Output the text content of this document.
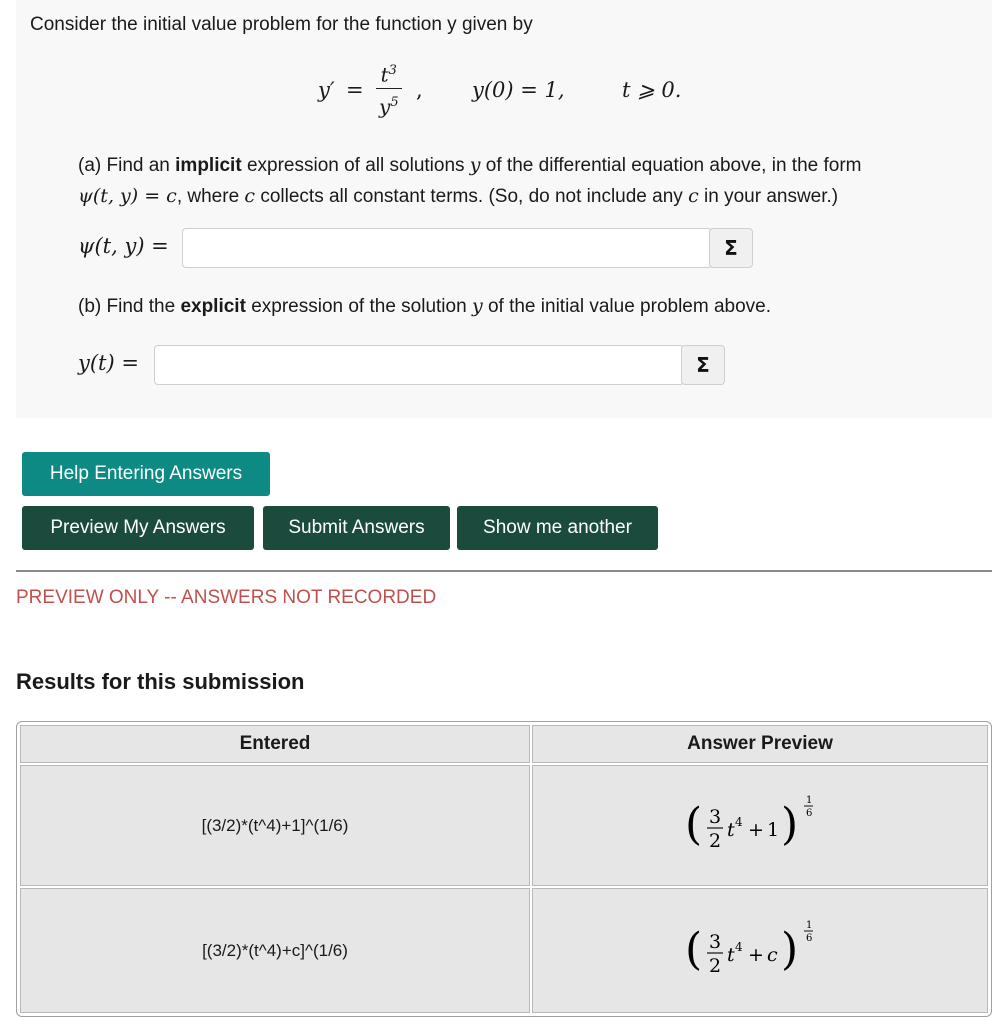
Consider the initial value problem for the function y given by
$y' = \frac{t^3}{y^5}$ , y(0) = 1,	t ⩾ 0.
(a) Find an implicit expression of all solutions y of the differential equation above, in the form
ψ(t, y) = c, where c collects all constant terms. (So, do not include any c in your answer.)
ψ(t, y) =	Σ
(b) Find the explicit expression of the solution y of the initial value problem above.
y(t) =	Σ
Help Entering Answers
Preview My Answers	Submit Answers	Show me another
PREVIEW ONLY -- ANSWERS NOT RECORDED
Results for this submission
Entered	Answer Preview
[(3/2)*(t^4)+1]^(1/6)	( 3
2 t 4 + 1 ) 1
6
[(3/2)*(t^4)+c]^(1/6)	( 3
2 t 4 + c ) 1
6
